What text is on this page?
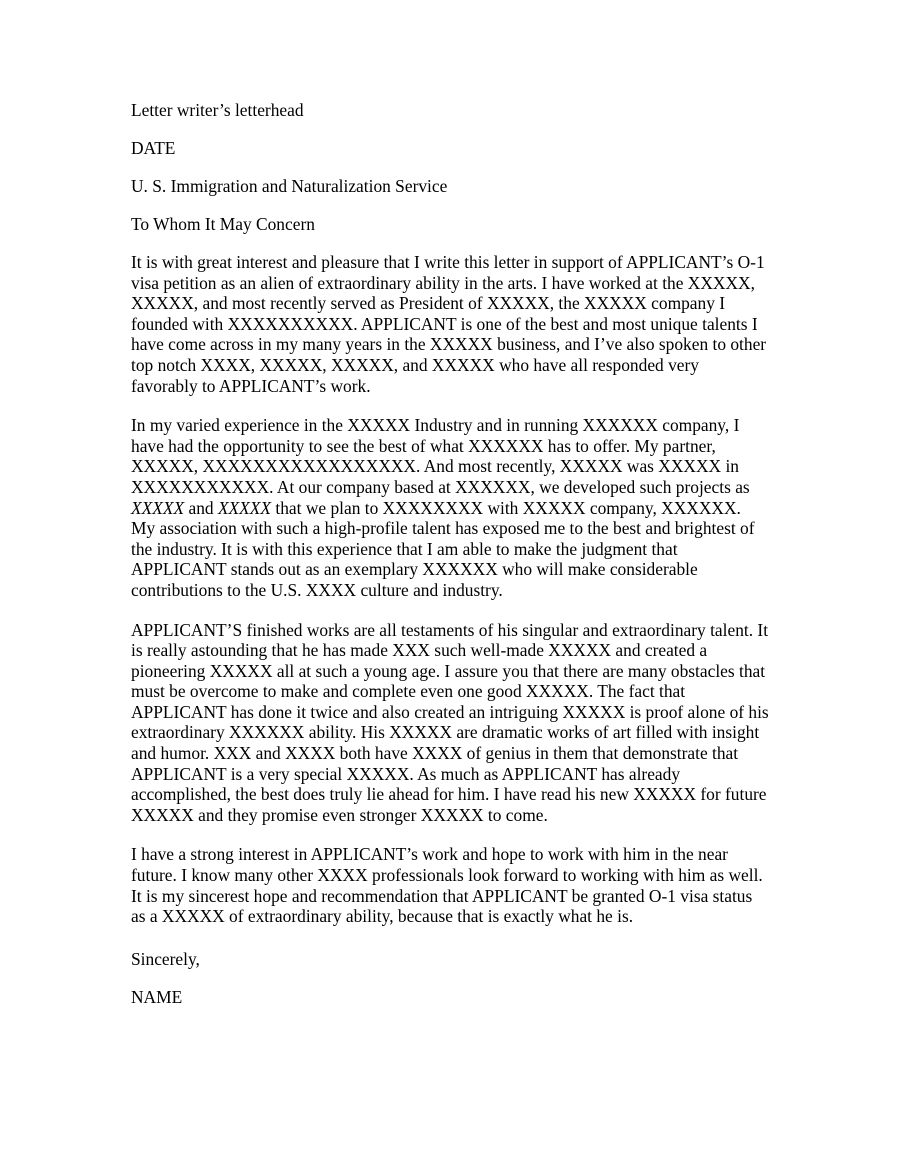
Letter writer’s letterhead
DATE
U. S. Immigration and Naturalization Service
To Whom It May Concern

It is with great interest and pleasure that I write this letter in support of APPLICANT’s O-1 visa petition as an alien of extraordinary ability in the arts. I have worked at the XXXXX, XXXXX, and most recently served as President of XXXXX, the XXXXX company I founded with XXXXXXXXXX. APPLICANT is one of the best and most unique talents I have come across in my many years in the XXXXX business, and I’ve also spoken to other top notch XXXX, XXXXX, XXXXX, and XXXXX who have all responded very favorably to APPLICANT’s work.

In my varied experience in the XXXXX Industry and in running XXXXXX company, I have had the opportunity to see the best of what XXXXXX has to offer. My partner, XXXXX, XXXXXXXXXXXXXXXXX. And most recently, XXXXX was XXXXX in XXXXXXXXXXX. At our company based at XXXXXX, we developed such projects as XXXXX and XXXXX that we plan to XXXXXXXX with XXXXX company, XXXXXX. My association with such a high-profile talent has exposed me to the best and brightest of the industry. It is with this experience that I am able to make the judgment that APPLICANT stands out as an exemplary XXXXXX who will make considerable contributions to the U.S. XXXX culture and industry.

APPLICANT’S finished works are all testaments of his singular and extraordinary talent. It is really astounding that he has made XXX such well-made XXXXX and created a pioneering XXXXX all at such a young age. I assure you that there are many obstacles that must be overcome to make and complete even one good XXXXX. The fact that APPLICANT has done it twice and also created an intriguing XXXXX is proof alone of his extraordinary XXXXXX ability. His XXXXX are dramatic works of art filled with insight and humor. XXX and XXXX both have XXXX of genius in them that demonstrate that APPLICANT is a very special XXXXX. As much as APPLICANT has already accomplished, the best does truly lie ahead for him. I have read his new XXXXX for future XXXXX and they promise even stronger XXXXX to come.

I have a strong interest in APPLICANT’s work and hope to work with him in the near future. I know many other XXXX professionals look forward to working with him as well. It is my sincerest hope and recommendation that APPLICANT be granted O-1 visa status as a XXXXX of extraordinary ability, because that is exactly what he is.

Sincerely,
NAME
